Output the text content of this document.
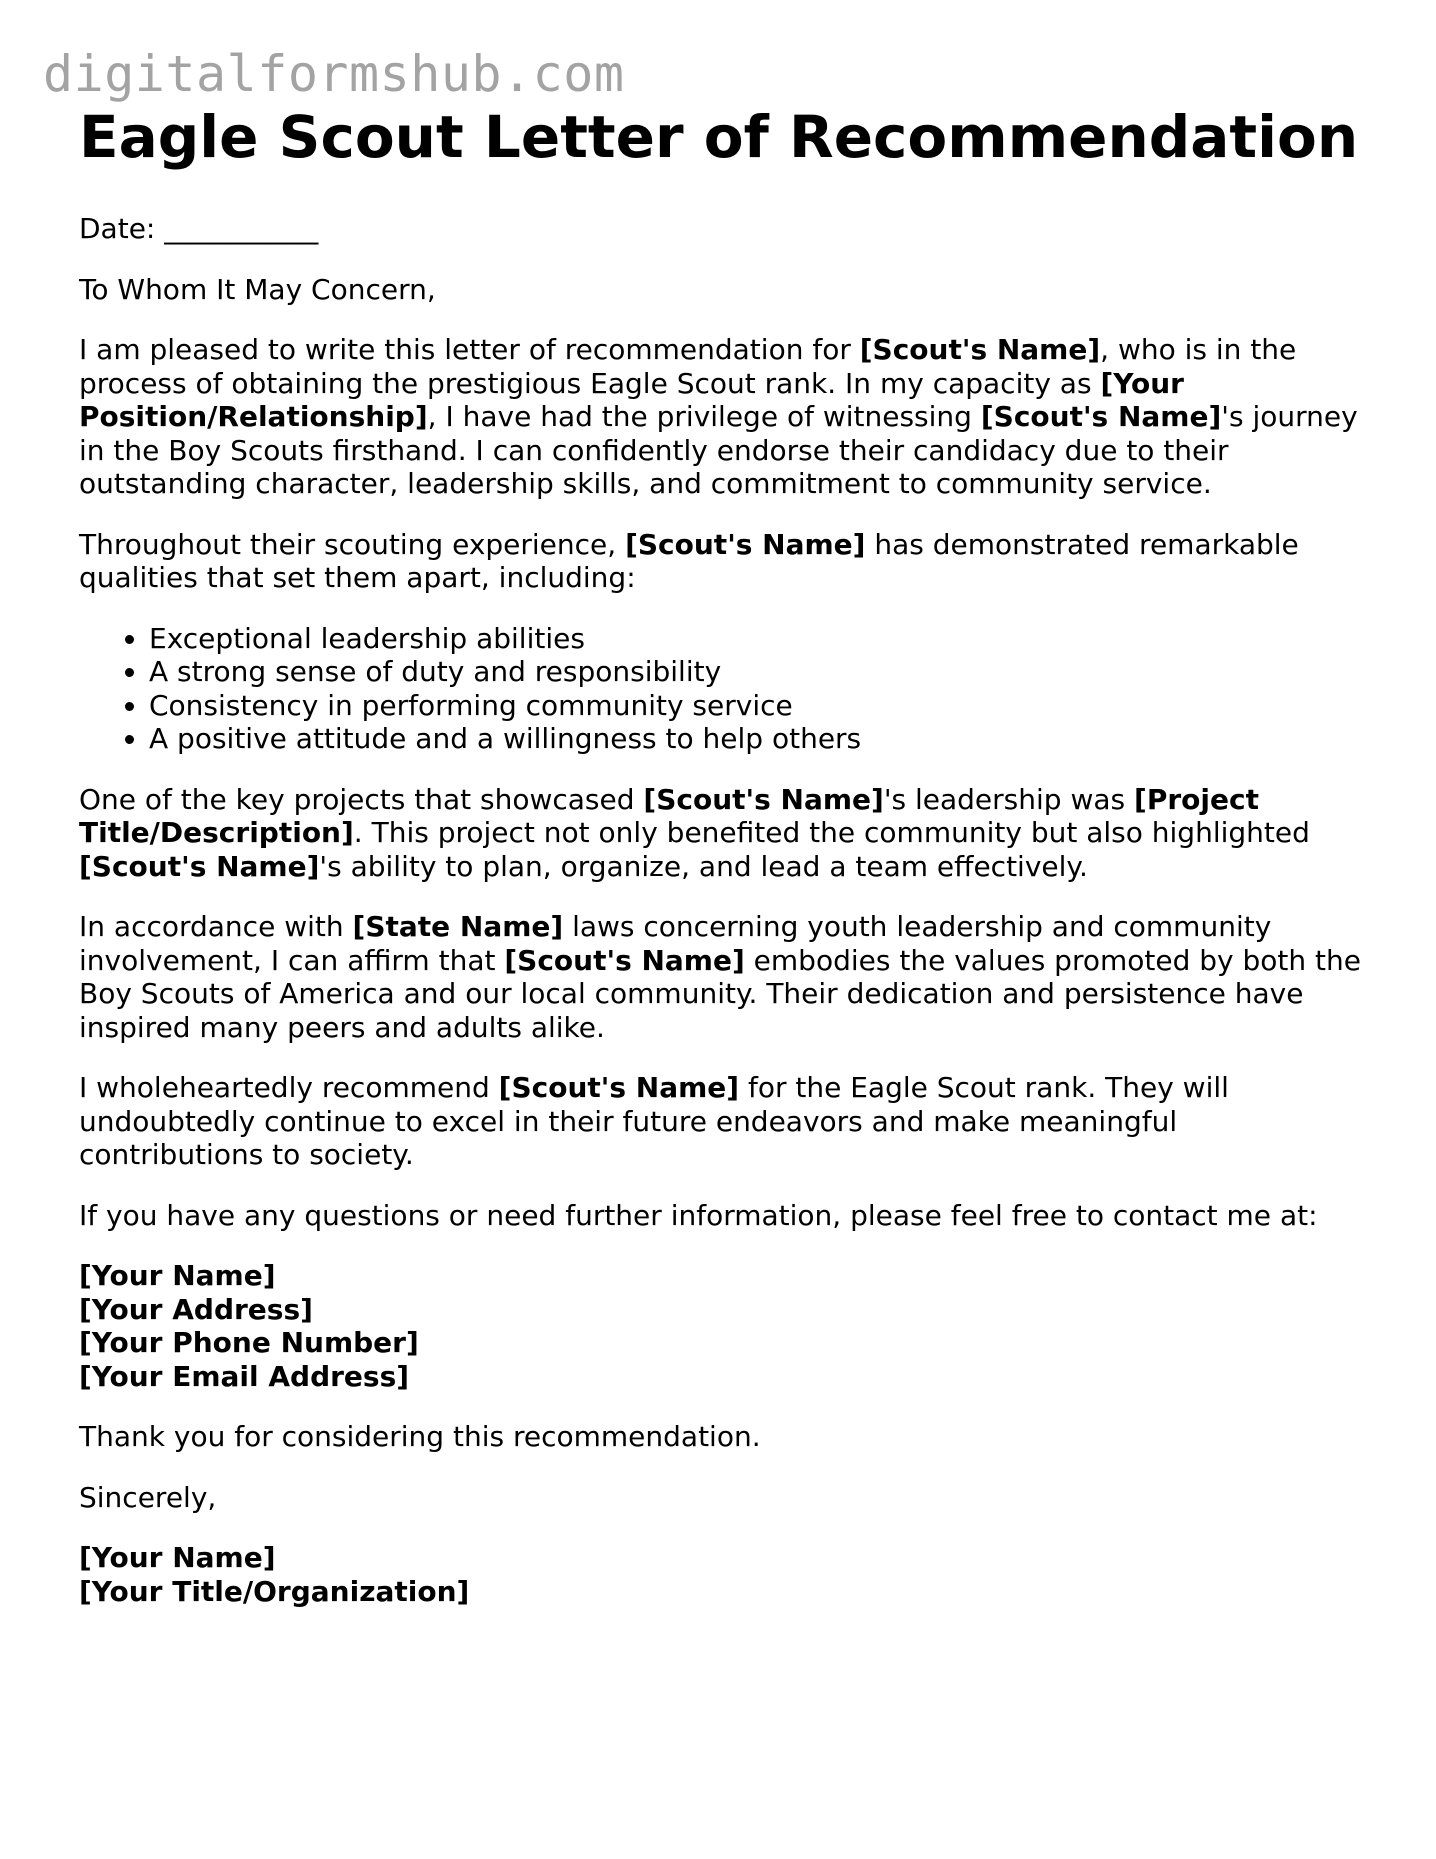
digitalformshub.com
Eagle Scout Letter of Recommendation

Date: ___________

To Whom It May Concern,

I am pleased to write this letter of recommendation for [Scout's Name], who is in the process of obtaining the prestigious Eagle Scout rank. In my capacity as [Your Position/Relationship], I have had the privilege of witnessing [Scout's Name]'s journey in the Boy Scouts firsthand. I can confidently endorse their candidacy due to their outstanding character, leadership skills, and commitment to community service.

Throughout their scouting experience, [Scout's Name] has demonstrated remarkable qualities that set them apart, including:

• Exceptional leadership abilities
• A strong sense of duty and responsibility
• Consistency in performing community service
• A positive attitude and a willingness to help others

One of the key projects that showcased [Scout's Name]'s leadership was [Project Title/Description]. This project not only benefited the community but also highlighted [Scout's Name]'s ability to plan, organize, and lead a team effectively.

In accordance with [State Name] laws concerning youth leadership and community involvement, I can affirm that [Scout's Name] embodies the values promoted by both the Boy Scouts of America and our local community. Their dedication and persistence have inspired many peers and adults alike.

I wholeheartedly recommend [Scout's Name] for the Eagle Scout rank. They will undoubtedly continue to excel in their future endeavors and make meaningful contributions to society.

If you have any questions or need further information, please feel free to contact me at:

[Your Name]
[Your Address]
[Your Phone Number]
[Your Email Address]

Thank you for considering this recommendation.

Sincerely,

[Your Name]
[Your Title/Organization]
